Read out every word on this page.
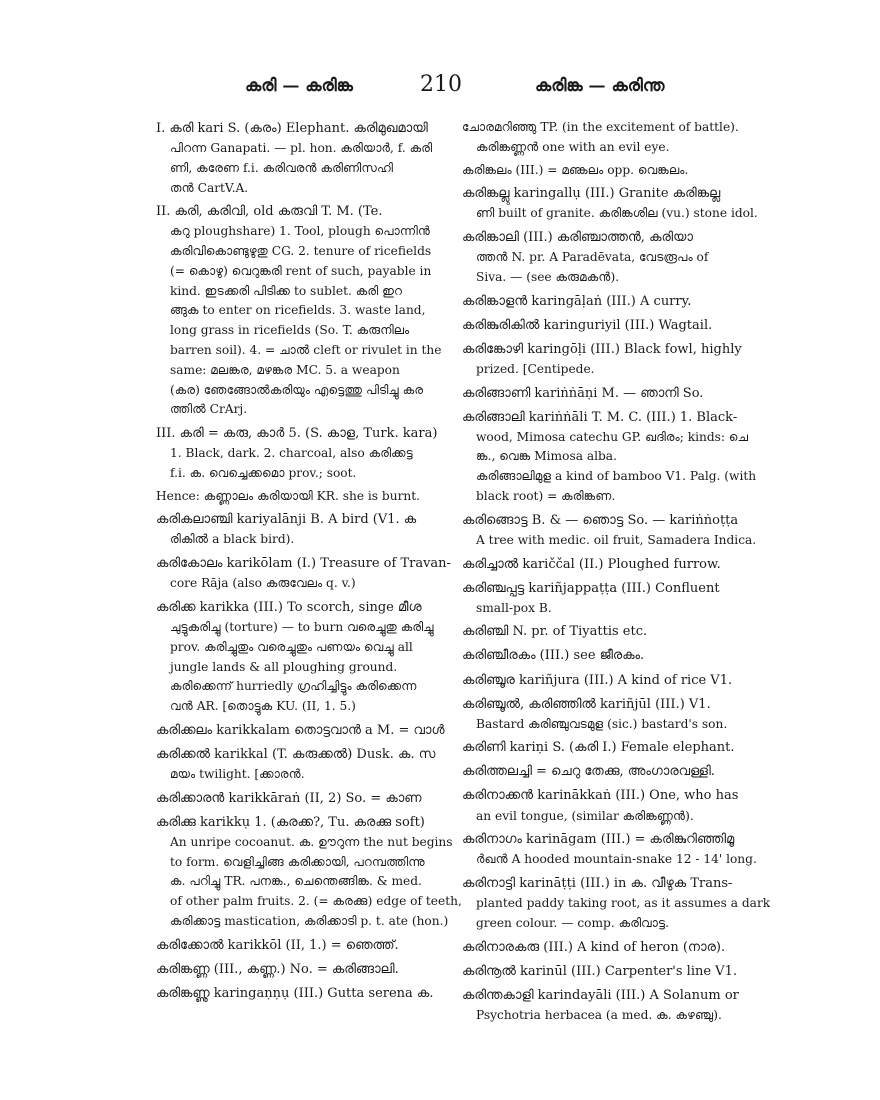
കരി — കരിങ്ക	210	കരിങ്ക — കരിന്ത
I. കരി kari S. (കരം) Elephant. കരിമുഖമായി
പിറന്ന Ganapati. — pl. hon. കരിയാർ, f. കരി
ണി, കരേണ f.i. കരിവരൻ കരിണിസഹി
തൻ CartV.A.
II. കരി, കരിവി, old കരുവി T. M. (Te.
കറു ploughshare) 1. Tool, plough പൊന്നിൻ
കരിവികൊണ്ടുഴുതു CG. 2. tenure of ricefields
(= കൊഴു) വെറുങ്കരി rent of such, payable in
kind. ഇടക്കരി പിടിക്ക to sublet. കരി ഇറ
ങ്ങുക to enter on ricefields. 3. waste land,
long grass in ricefields (So. T. കരുനിലം
barren soil). 4. = ചാൽ cleft or rivulet in the
same: മലങ്കര, മഴങ്കര MC. 5. a weapon
(കര) ഞേങ്ങോൽകരിയും എട്ടെത്തു പിടിച്ചു കര
ത്തിൽ CrArj.
III. കരി = കരു, കാർ 5. (S. കാള, Turk. kara)
1. Black, dark. 2. charcoal, also കരിക്കട്ട
f.i. ക. വെച്ചെക്കമൊ prov.; soot.
Hence: കണ്ണാലം കരിയായി KR. she is burnt.
കരികലാഞ്ചി kariyalānji B. A bird (V1. ക
രികിൽ a black bird).
കരികോലം karikōlam (I.) Treasure of Travan-
core Rāja (also കരുവേലം q. v.)
കരിക്ക karikka (III.) To scorch, singe മീശ
ചുട്ടുകരിച്ചു (torture) — to burn വരെച്ചുതു കരിച്ചു
prov. കരിച്ചുതും വരെച്ചുതും പണയം വെച്ചു all
jungle lands & all ploughing ground.
കരിക്കെന്ന് hurriedly ഗ്രഹിച്ചിട്ടും കരിക്കെന്ന
വൻ AR. [തൊട്ടുക KU. (II, 1. 5.)
കരിക്കലം karikkalam തൊട്ടവാൻ a M. = വാൾ
കരിക്കൽ karikkal (T. കരുക്കൽ) Dusk. ക. സ
മയം twilight. [ക്കാരൻ.
കരിക്കാരൻ karikkāraṅ (II, 2) So. = കാണ
കരിക്കു karikkụ 1. (കരക്ക?, Tu. കരക്കു soft)
An unripe cocoanut. ക. ഊറുന്ന the nut begins
to form. വെളിച്ചിങ്ങ കരിക്കായി, പറമ്പത്തിന്നു
ക. പറിച്ചു TR. പനങ്ക., ചെന്തെങ്ങിങ്ക. & med.
of other palm fruits. 2. (= കരക്കു) edge of teeth,
കരിക്കാട്ട mastication, കരിക്കാടി p. t. ate (hon.)
കരിക്കോൽ karikkōl (II, 1.) = ഞെത്ത്.
കരിങ്കണ്ണ (III., കണ്ണ.) No. = കരിങ്ങാലി.
കരിങ്കണ്ണു karingaṇṇụ (III.) Gutta serena ക.
ചോരമറിഞ്ഞു TP. (in the excitement of battle).
കരിങ്കണ്ണൻ one with an evil eye.
കരിങ്കലം (III.) = മണ്കലം opp. വെങ്കലം.
കരിങ്കല്ലു karingallụ (III.) Granite കരിങ്കല്ല
ണി built of granite. കരിങ്കശില (vu.) stone idol.
കരിങ്കാലി (III.) കരിഞ്ചാത്തൻ, കരിയാ
ത്തൻ N. pr. A Paradēvata, വേടരൂപം of
Siva. — (see കരുമകൻ).
കരിങ്കാളൻ karingāḷaṅ (III.) A curry.
കരിങ്കുരികിൽ karinguriyil (III.) Wagtail.
കരിങ്കോഴി karingōḷi (III.) Black fowl, highly
prized. [Centipede.
കരിങ്ങാണി kariṅṅāṇi M. — ഞാനി So.
കരിങ്ങാലി kariṅṅāli T. M. C. (III.) 1. Black-
wood, Mimosa catechu GP. ഖദിരം; kinds: ചെ
ങ്ക., വെങ്ക Mimosa alba.
കരിങ്ങാലിമുള a kind of bamboo V1. Palg. (with
black root) = കരിങ്കണ.
കരിങ്ങൊട്ട B. & — ഞൊട്ട So. — kariṅṅoṭṭa
A tree with medic. oil fruit, Samadera Indica.
കരിച്ചാൽ kariččal (II.) Ploughed furrow.
കരിഞ്ചപ്പട്ട kariñjappaṭṭa (III.) Confluent
small-pox B.
കരിഞ്ചി N. pr. of Tiyattis etc.
കരിഞ്ചീരകം (III.) see ജീരകം.
കരിഞ്ചൂര kariñjura (III.) A kind of rice V1.
കരിഞ്ചൂൽ, കരിഞ്ഞിൽ kariñjūl (III.) V1.
Bastard കരിഞ്ചുവടമുള (sic.) bastard's son.
കരിണി kariṇi S. (കരി I.) Female elephant.
കരിത്തലച്ചി = ചെറു തേക്കു, അംഗാരവള്ളി.
കരിനാക്കൻ karinākkaṅ (III.) One, who has
an evil tongue, (similar കരിങ്കണ്ണൻ).
കരിനാഗം karināgam (III.) = കരിങ്കുറിഞ്ഞിമൂ
ർഖൻ A hooded mountain-snake 12 - 14' long.
കരിനാട്ടി karināṭṭi (III.) in ക. വീഴുക Trans-
planted paddy taking root, as it assumes a dark
green colour. — comp. കരിവാട്ട.
കരിനാരകരു (III.) A kind of heron (നാര).
കരിനൂൽ karinūl (III.) Carpenter's line V1.
കരിന്തകാളി karindayāli (III.) A Solanum or
Psychotria herbacea (a med. ക. കഴഞ്ചു).
